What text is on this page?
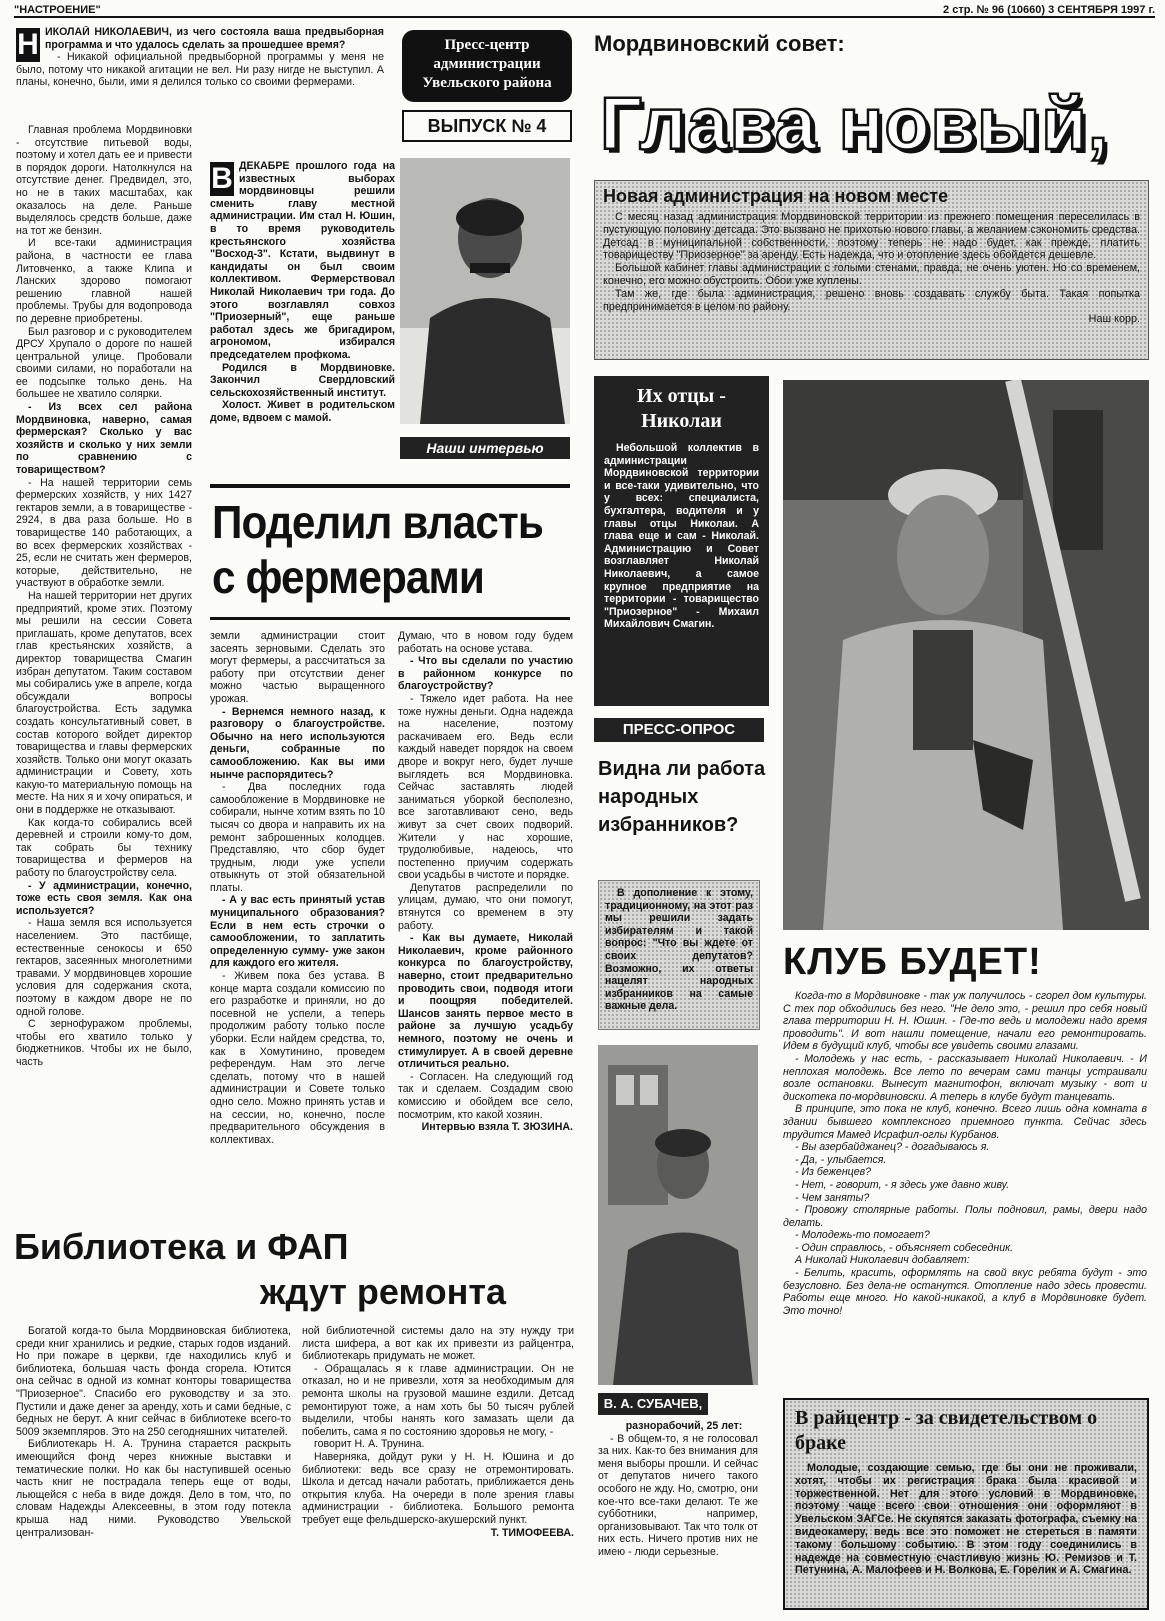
"НАСТРОЕНИЕ"	2 стр. № 96 (10660) 3 СЕНТЯБРЯ 1997 г.
Н ИКОЛАЙ НИКОЛАЕВИЧ, из чего состояла ваша предвыборная программа и что удалось сделать за прошедшее время?

- Никакой официальной предвыборной программы у меня не было, потому что никакой агитации не вел. Ни разу нигде не выступил. А планы, конечно, были, ими я делился только со своими фермерами.

Главная проблема Мордвиновки - отсутствие питьевой воды, поэтому и хотел дать ее и привести в порядок дороги. Натолкнулся на отсутствие денег. Предвидел, это, но не в таких масштабах, как оказалось на деле. Раньше выделялось средств больше, даже на тот же бензин.

И все-таки администрация района, в частности ее глава Литовченко, а также Клипа и Ланских здорово помогают решению главной нашей проблемы. Трубы для водопровода по деревне приобретены.

Был разговор и с руководителем ДРСУ Хрупало о дороге по нашей центральной улице. Пробовали своими силами, но поработали на ее подсыпке только день. На большее не хватило солярки.

- Из всех сел района Мордвиновка, наверно, самая фермерская? Сколько у вас хозяйств и сколько у них земли по сравнению с товариществом?

- На нашей территории семь фермерских хозяйств, у них 1427 гектаров земли, а в товариществе - 2924, в два раза больше. Но в товариществе 140 работающих, а во всех фермерских хозяйствах - 25, если не считать жен фермеров, которые, действительно, не участвуют в обработке земли.

На нашей территории нет других предприятий, кроме этих. Поэтому мы решили на сессии Совета приглашать, кроме депутатов, всех глав крестьянских хозяйств, а директор товарищества Смагин избран депутатом. Таким составом мы собирались уже в апреле, когда обсуждали вопросы благоустройства. Есть задумка создать консультативный совет, в состав которого войдет директор товарищества и главы фермерских хозяйств. Только они могут оказать администрации и Совету, хоть какую-то материальную помощь на месте. На них я и хочу опираться, и они в поддержке не отказывают.

Как когда-то собирались всей деревней и строили кому-то дом, так собрать бы технику товарищества и фермеров на работу по благоустройству села.

- У администрации, конечно, тоже есть своя земля. Как она используется?

- Наша земля вся используется населением. Это пастбище, естественные сенокосы и 650 гектаров, засеянных многолетними травами. У мордвиновцев хорошие условия для содержания скота, поэтому в каждом дворе не по одной голове.

С зернофуражом проблемы, чтобы его хватило только у бюджетников. Чтобы их не было, часть

Пресс-центр администрации Увельского района
ВЫПУСК № 4
В ДЕКАБРЕ прошлого года на известных выборах мордвиновцы решили сменить главу местной администрации. Им стал Н. Юшин, в то время руководитель крестьянского хозяйства "Восход-3". Кстати, выдвинут в кандидаты он был своим коллективом. Фермерствовал Николай Николаевич три года. До этого возглавлял совхоз "Приозерный", еще раньше работал здесь же бригадиром, агрономом, избирался председателем профкома.

Родился в Мордвиновке. Закончил Свердловский сельскохозяйственный институт.

Холост. Живет в родительском доме, вдвоем с мамой.

Наши интервью
Поделил власть
с фермерами

земли администрации стоит засеять зерновыми. Сделать это могут фермеры, а рассчитаться за работу при отсутствии денег можно частью выращенного урожая.

- Вернемся немного назад, к разговору о благоустройстве. Обычно на него используются деньги, собранные по самообложению. Как вы ими нынче распорядитесь?

- Два последних года самообложение в Мордвиновке не собирали, нынче хотим взять по 10 тысяч со двора и направить их на ремонт заброшенных колодцев. Представляю, что сбор будет трудным, люди уже успели отвыкнуть от этой обязательной платы.

- А у вас есть принятый устав муниципального образования? Если в нем есть строчки о самообложении, то заплатить определенную сумму- уже закон для каждого его жителя.

- Живем пока без устава. В конце марта создали комиссию по его разработке и приняли, но до посевной не успели, а теперь продолжим работу только после уборки. Если найдем средства, то, как в Хомутинино, проведем референдум. Нам это легче сделать, потому что в нашей администрации и Совете только одно село. Можно принять устав и на сессии, но, конечно, после предварительного обсуждения в коллективах.

Думаю, что в новом году будем работать на основе устава.

- Что вы сделали по участию в районном конкурсе по благоустройству?

- Тяжело идет работа. На нее тоже нужны деньги. Одна надежда на население, поэтому раскачиваем его. Ведь если каждый наведет порядок на своем дворе и вокруг него, будет лучше выглядеть вся Мордвиновка. Сейчас заставлять людей заниматься уборкой бесполезно, все заготавливают сено, ведь живут за счет своих подворий. Жители у нас хорошие, трудолюбивые, надеюсь, что постепенно приучим содержать свои усадьбы в чистоте и порядке.

Депутатов распределили по улицам, думаю, что они помогут, втянутся со временем в эту работу.

- Как вы думаете, Николай Николаевич, кроме районного конкурса по благоустройству, наверно, стоит предварительно проводить свои, подводя итоги и поощряя победителей. Шансов занять первое место в районе за лучшую усадьбу немного, поэтому не очень и стимулирует. А в своей деревне отличиться реально.

- Согласен. На следующий год так и сделаем. Создадим свою комиссию и обойдем все село, посмотрим, кто какой хозяин.

Интервью взяла Т. ЗЮЗИНА.

Библиотека и ФАП
ждут ремонта

Богатой когда-то была Мордвиновская библиотека, среди книг хранились и редкие, старых годов изданий. Но при пожаре в церкви, где находились клуб и библиотека, большая часть фонда сгорела. Ютится она сейчас в одной из комнат конторы товарищества "Приозерное". Спасибо его руководству и за это. Пустили и даже денег за аренду, хоть и сами бедные, с бедных не берут. А книг сейчас в библиотеке всего-то 5009 экземпляров. Это на 250 сегодняшних читателей.

Библиотекарь Н. А. Трунина старается раскрыть имеющийся фонд через книжные выставки и тематические полки. Но как бы наступившей осенью часть книг не пострадала теперь еще от воды, льющейся с неба в виде дождя. Дело в том, что, по словам Надежды Алексеевны, в этом году потекла крыша над ними. Руководство Увельской централизован-

ной библиотечной системы дало на эту нужду три листа шифера, а вот как их привезти из райцентра, библиотекарь придумать не может.

- Обращалась я к главе администрации. Он не отказал, но и не привезли, хотя за необходимым для ремонта школы на грузовой машине ездили. Детсад ремонтируют тоже, а нам хоть бы 50 тысяч рублей выделили, чтобы нанять кого замазать щели да побелить, сама я по состоянию здоровья не могу, -

говорит Н. А. Трунина.

Наверняка, дойдут руки у Н. Н. Юшина и до библиотеки: ведь все сразу не отремонтировать. Школа и детсад начали работать, приближается день открытия клуба. На очереди в поле зрения главы администрации - библиотека. Большого ремонта требует еще фельдшерско-акушерский пункт.

Т. ТИМОФЕЕВА.

Мордвиновский совет:
Глава новый,
Новая администрация на новом месте

С месяц назад администрация Мордвиновской территории из прежнего помещения переселилась в пустующую половину детсада. Это вызвано не прихотью нового главы, а желанием сэкономить средства. Детсад в муниципальной собственности, поэтому теперь не надо будет, как прежде, платить товариществу "Приозерное" за аренду. Есть надежда, что и отопление здесь обойдется дешевле.

Большой кабинет главы администрации с голыми стенами, правда, не очень уютен. Но со временем, конечно, его можно обустроить. Обои уже куплены.

Там же, где была администрация, решено вновь создавать службу быта. Такая попытка предпринимается в целом по району.

Наш корр.

Их отцы - Николаи

Небольшой коллектив в администрации Мордвиновской территории и все-таки удивительно, что у всех: специалиста, бухгалтера, водителя и у главы отцы Николаи. А глава еще и сам - Николай. Администрацию и Совет возглавляет Николай Николаевич, а самое крупное предприятие на территории - товарищество "Приозерное" - Михаил Михайлович Смагин.

ПРЕСС-ОПРОС
Видна ли работа народных избранников?

В дополнение к этому, традиционному, на этот раз мы решили задать избирателям и такой вопрос: "Что вы ждете от своих депутатов? Возможно, их ответы нацелят народных избранников на самые важные дела.

В. А. СУБАЧЕВ,

разнорабочий, 25 лет:

- В общем-то, я не голосовал за них. Как-то без внимания для меня выборы прошли. И сейчас от депутатов ничего такого особого не жду. Но, смотрю, они кое-что все-таки делают. Те же субботники, например, организовывают. Так что толк от них есть. Ничего против них не имею - люди серьезные.

КЛУБ БУДЕТ!

Когда-то в Мордвиновке - так уж получилось - сгорел дом культуры. С тех пор обходились без него. "Не дело это, - решил про себя новый глава территории Н. Н. Юшин. - Где-то ведь и молодежи надо время проводить". И вот нашли помещение, начали его ремонтировать. Идем в будущий клуб, чтобы все увидеть своими глазами.

- Молодежь у нас есть, - рассказывает Николай Николаевич. - И неплохая молодежь. Все лето по вечерам сами танцы устраивали возле остановки. Вынесут магнитофон, включат музыку - вот и дискотека по-мордвиновски. А теперь в клубе будут танцевать.

В принципе, это пока не клуб, конечно. Всего лишь одна комната в здании бывшего комплексного приемного пункта. Сейчас здесь трудится Мамед Исрафил-оглы Курбанов.

- Вы азербайджанец? - догадываюсь я.

- Да, - улыбается.

- Из беженцев?

- Нет, - говорит, - я здесь уже давно живу.

- Чем заняты?

- Провожу столярные работы. Полы подновил, рамы, двери надо делать.

- Молодежь-то помогает?

- Один справлюсь, - объясняет собеседник.

А Николай Николаевич добавляет:

- Белить, красить, оформлять на свой вкус ребята будут - это безусловно. Без дела-не останутся. Отопление надо здесь провести. Работы еще много. Но какой-никакой, а клуб в Мордвиновке будет. Это точно!

В райцентр - за свидетельством о браке

Молодые, создающие семью, где бы они не проживали, хотят, чтобы их регистрация брака была красивой и торжественной. Нет для этого условий в Мордвиновке, поэтому чаще всего свои отношения они оформляют в Увельском ЗАГСе. Не скупятся заказать фотографа, съемку на видеокамеру, ведь все это поможет не стереться в памяти такому большому событию. В этом году соединились в надежде на совместную счастливую жизнь Ю. Ремизов и Т. Петунина, А. Малофеев и Н. Волкова, Е. Горелик и А. Смагина.
